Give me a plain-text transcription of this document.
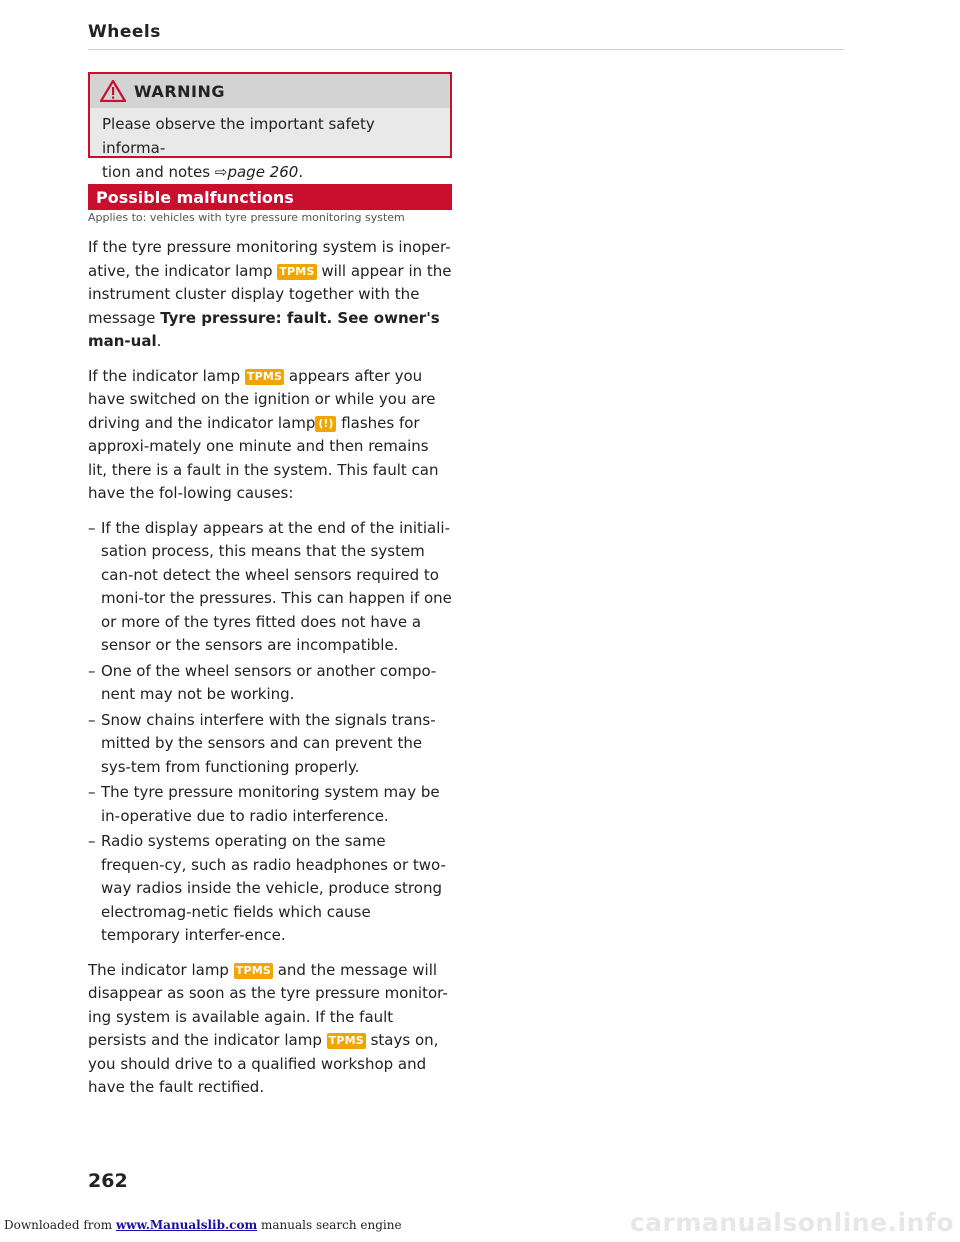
Wheels
WARNING
Please observe the important safety informa-
tion and notes ⇨page 260.
Possible malfunctions
Applies to: vehicles with tyre pressure monitoring system

If the tyre pressure monitoring system is inoper-ative, the indicator lamp TPMS will appear in the instrument cluster display together with the message Tyre pressure: fault. See owner's man-ual.

If the indicator lamp TPMS appears after you have switched on the ignition or while you are driving and the indicator lamp (!) flashes for approxi-mately one minute and then remains lit, there is a fault in the system. This fault can have the fol-lowing causes:

– If the display appears at the end of the initiali-sation process, this means that the system can-not detect the wheel sensors required to moni-tor the pressures. This can happen if one or more of the tyres fitted does not have a sensor or the sensors are incompatible.
– One of the wheel sensors or another compo-nent may not be working.
– Snow chains interfere with the signals trans-mitted by the sensors and can prevent the sys-tem from functioning properly.
– The tyre pressure monitoring system may be in-operative due to radio interference.
– Radio systems operating on the same frequen-cy, such as radio headphones or two-way radios inside the vehicle, produce strong electromag-netic fields which cause temporary interfer-ence.

The indicator lamp TPMS and the message will disappear as soon as the tyre pressure monitor-ing system is available again. If the fault persists and the indicator lamp TPMS stays on, you should drive to a qualified workshop and have the fault rectified.

262
Downloaded from www.Manualslib.com manuals search engine	carmanualsonline.info
